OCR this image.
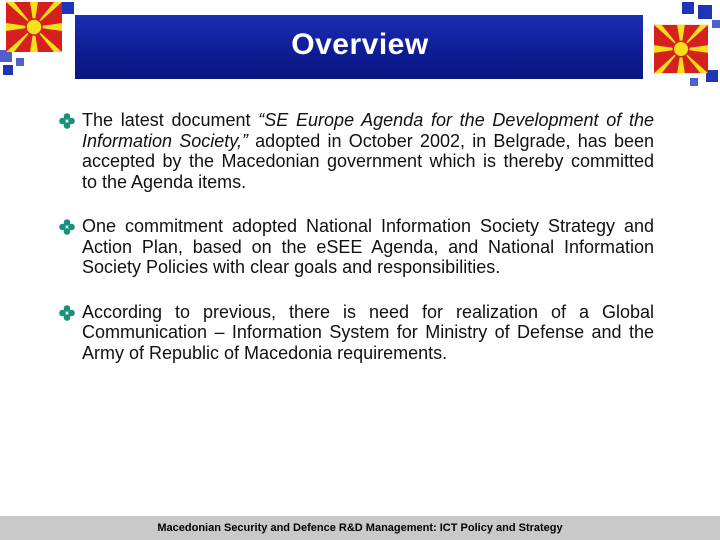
Overview
The latest document “SE Europe Agenda for the Development of the Information Society,” adopted in October 2002, in Belgrade, has been accepted by the Macedonian government which is thereby committed to the Agenda items.
One commitment adopted National Information Society Strategy and Action Plan, based on the eSEE Agenda, and National Information Society Policies with clear goals and responsibilities.
According to previous, there is need for realization of a Global Communication – Information System for Ministry of Defense and the Army of Republic of Macedonia requirements.
Macedonian Security and Defence R&D Management: ICT Policy and Strategy
